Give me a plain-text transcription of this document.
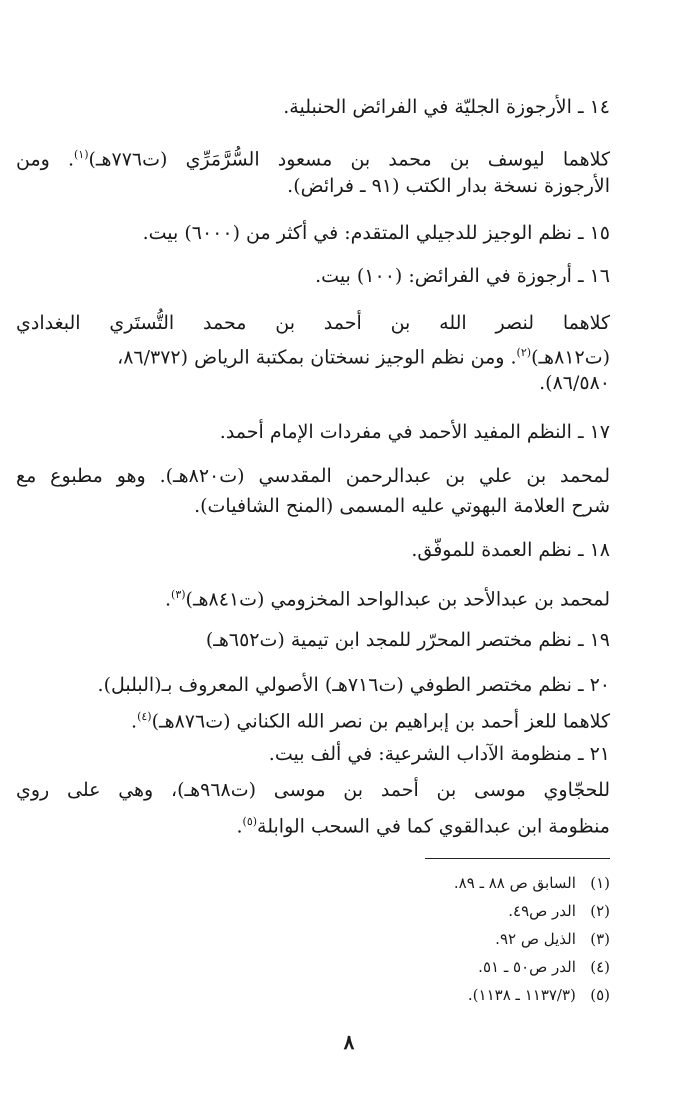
١٤ ـ الأرجوزة الجليّة في الفرائض الحنبلية.
كلاهما ليوسف بن محمد بن مسعود السُّرَّمَرِّي (ت٧٧٦هـ)$^{(١)}$. ومن
الأرجوزة نسخة بدار الكتب (٩١ ـ فرائض).
١٥ ـ نظم الوجيز للدجيلي المتقدم: في أكثر من (٦٠٠٠) بيت.
١٦ ـ أرجوزة في الفرائض: (١٠٠) بيت.
كلاهما لنصر الله بن أحمد بن محمد التُّستَري البغدادي
(ت٨١٢هـ)$^{(٢)}$. ومن نظم الوجيز نسختان بمكتبة الرياض (٨٦/٣٧٢،
٨٦/٥٨٠).
١٧ ـ النظم المفيد الأحمد في مفردات الإمام أحمد.
لمحمد بن علي بن عبدالرحمن المقدسي (ت٨٢٠هـ). وهو مطبوع مع
شرح العلامة البهوتي عليه المسمى (المنح الشافيات).
١٨ ـ نظم العمدة للموفّق.
لمحمد بن عبدالأحد بن عبدالواحد المخزومي (ت٨٤١هـ)$^{(٣)}$.
١٩ ـ نظم مختصر المحرّر للمجد ابن تيمية (ت٦٥٢هـ)
٢٠ ـ نظم مختصر الطوفي (ت٧١٦هـ) الأصولي المعروف بـ(البلبل).
كلاهما للعز أحمد بن إبراهيم بن نصر الله الكناني (ت٨٧٦هـ)$^{(٤)}$.
٢١ ـ منظومة الآداب الشرعية: في ألف بيت.
للحجّاوي موسى بن أحمد بن موسى (ت٩٦٨هـ)، وهي على روي
منظومة ابن عبدالقوي كما في السحب الوابلة$^{(٥)}$.
(١)   السابق ص ٨٨ ـ ٨٩.
(٢)   الدر ص٤٩.
(٣)   الذيل ص ٩٢.
(٤)   الدر ص٥٠ ـ ٥١.
(٥)   (١١٣٧/٣ ـ ١١٣٨).
٨
